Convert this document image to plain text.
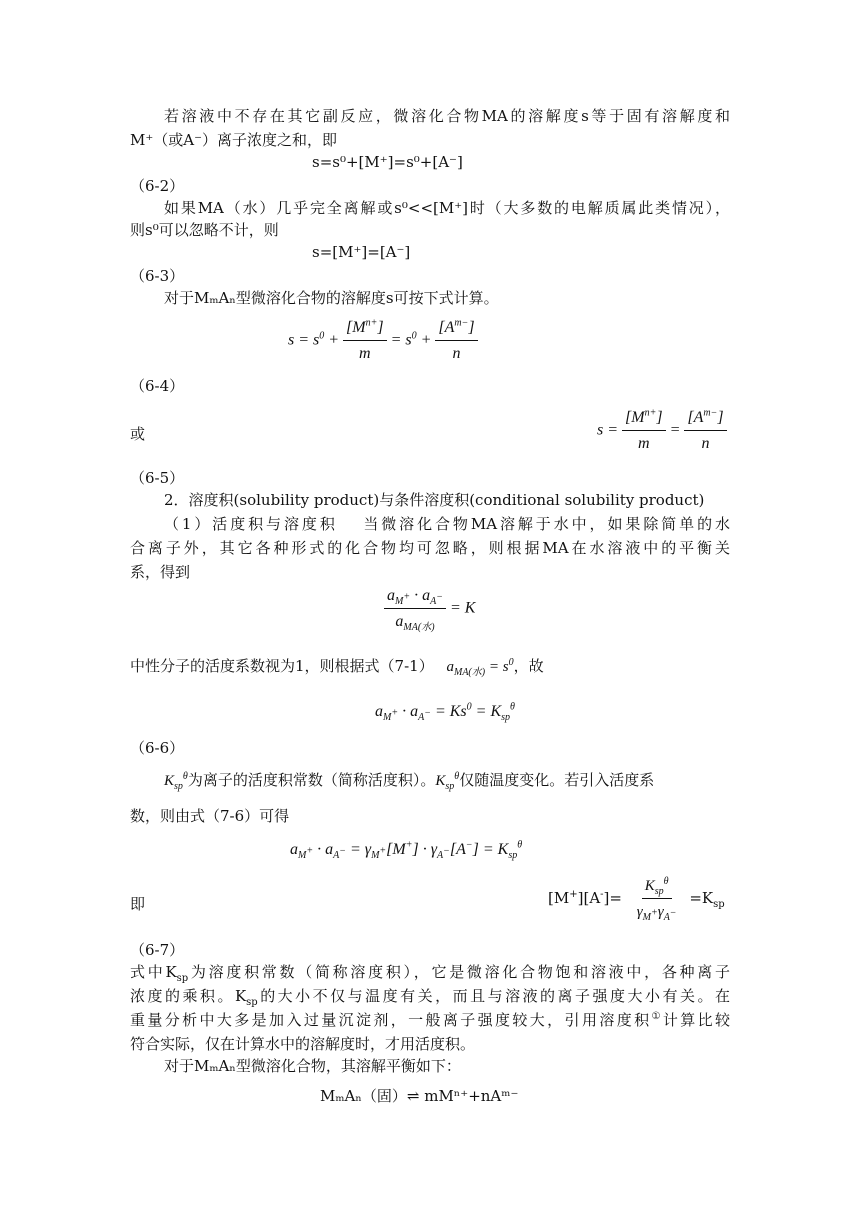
若溶液中不存在其它副反应，微溶化合物MA的溶解度s等于固有溶解度和
M⁺（或A⁻）离子浓度之和，即
s=s⁰+[M⁺]=s⁰+[A⁻]
（6-2）
如果MA（水）几乎完全离解或s⁰<<[M⁺]时（大多数的电解质属此类情况），
则s⁰可以忽略不计，则
s=[M⁺]=[A⁻]
（6-3）
对于MₘAₙ型微溶化合物的溶解度s可按下式计算。
$s = s^0 + \frac{[M^{n+}]}{m} = s^0 + \frac{[A^{m-}]}{n}$
（6-4）
或	$s = \frac{[M^{n+}]}{m} = \frac{[A^{m-}]}{n}$
（6-5）
2．溶度积(solubility product)与条件溶度积(conditional solubility product)
（1）活度积与溶度积　 当微溶化合物MA溶解于水中，如果除简单的水
合离子外，其它各种形式的化合物均可忽略，则根据MA在水溶液中的平衡关
系，得到
$\frac{a_{M^+} \cdot a_{A^-}}{a_{MA(水)}} = K$
中性分子的活度系数视为1，则根据式（7-1） $a_{MA(水)} = s^0$，故
$a_{M^+} \cdot a_{A^-} = Ks^0 = K_{sp}^\theta$
（6-6）
$K_{sp}^\theta$为离子的活度积常数（简称活度积）。$K_{sp}^\theta$仅随温度变化。若引入活度系
数，则由式（7-6）可得
$a_{M^+} \cdot a_{A^-} = \gamma_{M^+}[M^+] \cdot \gamma_{A^-}[A^-] = K_{sp}^\theta$
即	$[M^+][A^-]= \frac{K_{sp}^\theta}{\gamma_{M^+}\gamma_{A^-}} =K_{sp}$
（6-7）
式中$K_{sp}$为溶度积常数（简称溶度积），它是微溶化合物饱和溶液中，各种离子
浓度的乘积。$K_{sp}$的大小不仅与温度有关，而且与溶液的离子强度大小有关。在
重量分析中大多是加入过量沉淀剂，一般离子强度较大，引用溶度积①计算比较
符合实际，仅在计算水中的溶解度时，才用活度积。
对于MₘAₙ型微溶化合物，其溶解平衡如下：
MₘAₙ（固）⇌ mMⁿ⁺+nAᵐ⁻
